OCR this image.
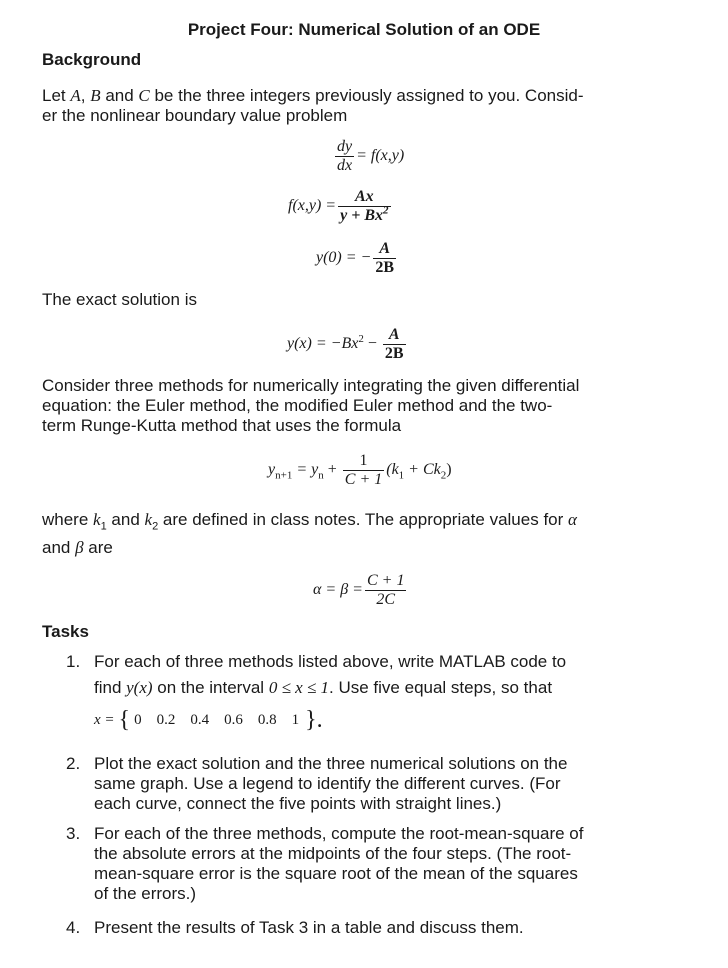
Project Four: Numerical Solution of an ODE
Background
Let A, B and C be the three integers previously assigned to you. Consid-
er the nonlinear boundary value problem
$\frac{dy}{dx} = f(x,y)$
$f(x,y) = \frac{Ax}{y + Bx^2}$
y(0) = − $\frac{A}{2B}$
The exact solution is
$y(x) = -Bx^2 - \frac{A}{2B}$
Consider three methods for numerically integrating the given differential
equation: the Euler method, the modified Euler method and the two-
term Runge-Kutta method that uses the formula
$y_{n+1} = y_n + \frac{1}{C + 1} (k_1 + Ck_2)$
where $k_1$ and $k_2$ are defined in class notes. The appropriate values for α
and β are
$\alpha = \beta = \frac{C + 1}{2C}$
Tasks
1. For each of three methods listed above, write MATLAB code to
find y(x) on the interval 0 ≤ x ≤ 1. Use five equal steps, so that
x = { 0    0.2    0.4    0.6    0.8    1 }.
2. Plot the exact solution and the three numerical solutions on the
same graph. Use a legend to identify the different curves. (For
each curve, connect the five points with straight lines.)
3. For each of the three methods, compute the root-mean-square of
the absolute errors at the midpoints of the four steps. (The root-
mean-square error is the square root of the mean of the squares
of the errors.)
4. Present the results of Task 3 in a table and discuss them.
